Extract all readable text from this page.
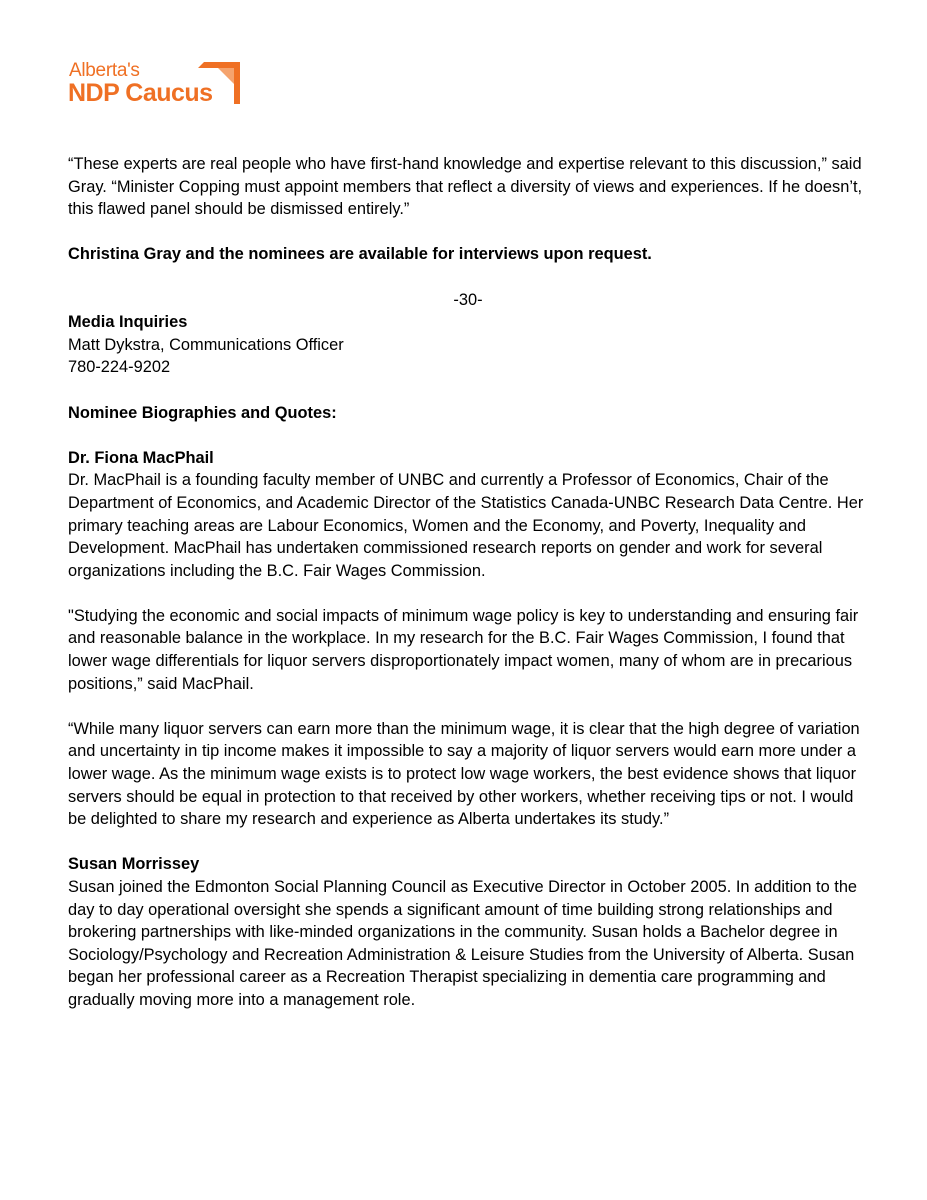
Alberta's
NDP Caucus

“These experts are real people who have first-hand knowledge and expertise relevant to this discussion,” said Gray. “Minister Copping must appoint members that reflect a diversity of views and experiences. If he doesn’t, this flawed panel should be dismissed entirely.”

Christina Gray and the nominees are available for interviews upon request.

-30-

Media Inquiries

Matt Dykstra, Communications Officer

780-224-9202

Nominee Biographies and Quotes:

Dr. Fiona MacPhail

Dr. MacPhail is a founding faculty member of UNBC and currently a Professor of Economics, Chair of the Department of Economics, and Academic Director of the Statistics Canada-UNBC Research Data Centre. Her primary teaching areas are Labour Economics, Women and the Economy, and Poverty, Inequality and Development. MacPhail has undertaken commissioned research reports on gender and work for several organizations including the B.C. Fair Wages Commission.

"Studying the economic and social impacts of minimum wage policy is key to understanding and ensuring fair and reasonable balance in the workplace. In my research for the B.C. Fair Wages Commission, I found that lower wage differentials for liquor servers disproportionately impact women, many of whom are in precarious positions,” said MacPhail.

“While many liquor servers can earn more than the minimum wage, it is clear that the high degree of variation and uncertainty in tip income makes it impossible to say a majority of liquor servers would earn more under a lower wage. As the minimum wage exists is to protect low wage workers, the best evidence shows that liquor servers should be equal in protection to that received by other workers, whether receiving tips or not. I would be delighted to share my research and experience as Alberta undertakes its study.”

Susan Morrissey

Susan joined the Edmonton Social Planning Council as Executive Director in October 2005. In addition to the day to day operational oversight she spends a significant amount of time building strong relationships and brokering partnerships with like-minded organizations in the community. Susan holds a Bachelor degree in Sociology/Psychology and Recreation Administration & Leisure Studies from the University of Alberta. Susan began her professional career as a Recreation Therapist specializing in dementia care programming and gradually moving more into a management role.
